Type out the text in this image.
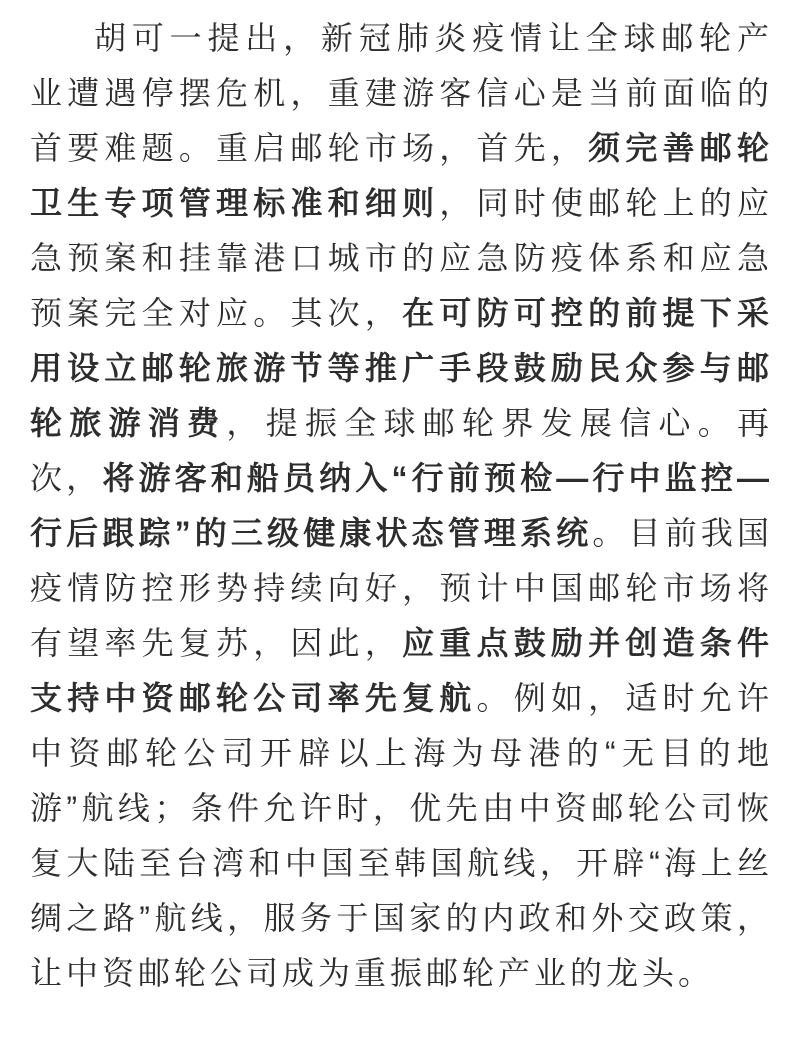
胡可一提出，新冠肺炎疫情让全球邮轮产
业遭遇停摆危机，重建游客信心是当前面临的
首要难题。重启邮轮市场，首先，须完善邮轮
卫生专项管理标准和细则，同时使邮轮上的应
急预案和挂靠港口城市的应急防疫体系和应急
预案完全对应。其次，在可防可控的前提下采
用设立邮轮旅游节等推广手段鼓励民众参与邮
轮旅游消费，提振全球邮轮界发展信心。再
次，将游客和船员纳入“行前预检—行中监控—
行后跟踪”的三级健康状态管理系统。目前我国
疫情防控形势持续向好，预计中国邮轮市场将
有望率先复苏，因此，应重点鼓励并创造条件
支持中资邮轮公司率先复航。例如，适时允许
中资邮轮公司开辟以上海为母港的“无目的地
游”航线；条件允许时，优先由中资邮轮公司恢
复大陆至台湾和中国至韩国航线，开辟“海上丝
绸之路”航线，服务于国家的内政和外交政策，
让中资邮轮公司成为重振邮轮产业的龙头。
